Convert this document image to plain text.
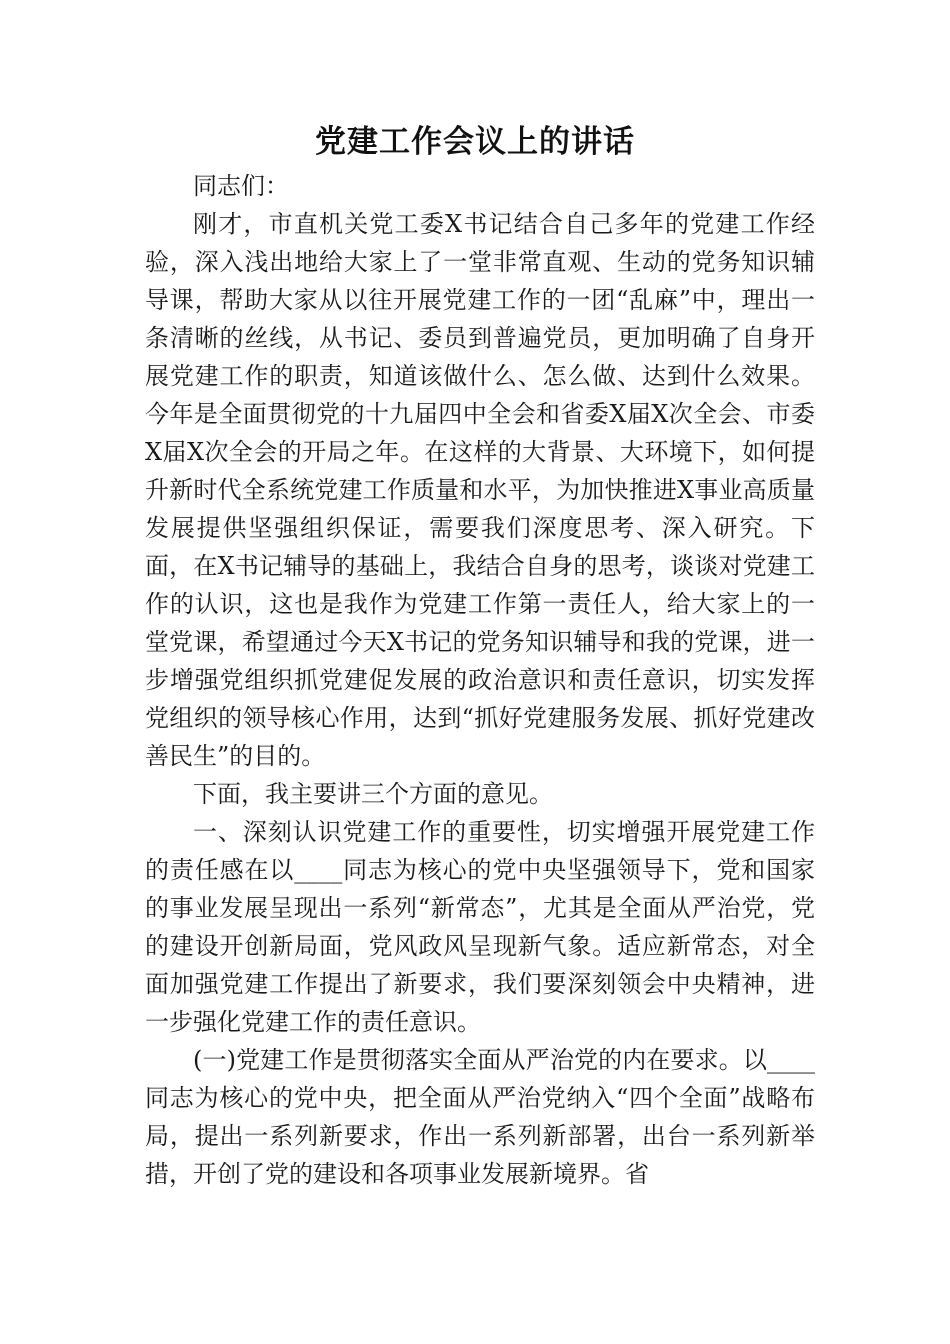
党建工作会议上的讲话

同志们：

刚才，市直机关党工委X书记结合自己多年的党建工作经验，深入浅出地给大家上了一堂非常直观、生动的党务知识辅导课，帮助大家从以往开展党建工作的一团“乱麻”中，理出一条清晰的丝线，从书记、委员到普遍党员，更加明确了自身开展党建工作的职责，知道该做什么、怎么做、达到什么效果。今年是全面贯彻党的十九届四中全会和省委X届X次全会、市委X届X次全会的开局之年。在这样的大背景、大环境下，如何提升新时代全系统党建工作质量和水平，为加快推进X事业高质量发展提供坚强组织保证，需要我们深度思考、深入研究。下面，在X书记辅导的基础上，我结合自身的思考，谈谈对党建工作的认识，这也是我作为党建工作第一责任人，给大家上的一堂党课，希望通过今天X书记的党务知识辅导和我的党课，进一步增强党组织抓党建促发展的政治意识和责任意识，切实发挥党组织的领导核心作用，达到“抓好党建服务发展、抓好党建改善民生”的目的。

下面，我主要讲三个方面的意见。

一、深刻认识党建工作的重要性，切实增强开展党建工作的责任感在以____同志为核心的党中央坚强领导下，党和国家的事业发展呈现出一系列“新常态”，尤其是全面从严治党，党的建设开创新局面，党风政风呈现新气象。适应新常态，对全面加强党建工作提出了新要求，我们要深刻领会中央精神，进一步强化党建工作的责任意识。

(一)党建工作是贯彻落实全面从严治党的内在要求。以____同志为核心的党中央，把全面从严治党纳入“四个全面”战略布局，提出一系列新要求，作出一系列新部署，出台一系列新举措，开创了党的建设和各项事业发展新境界。省
